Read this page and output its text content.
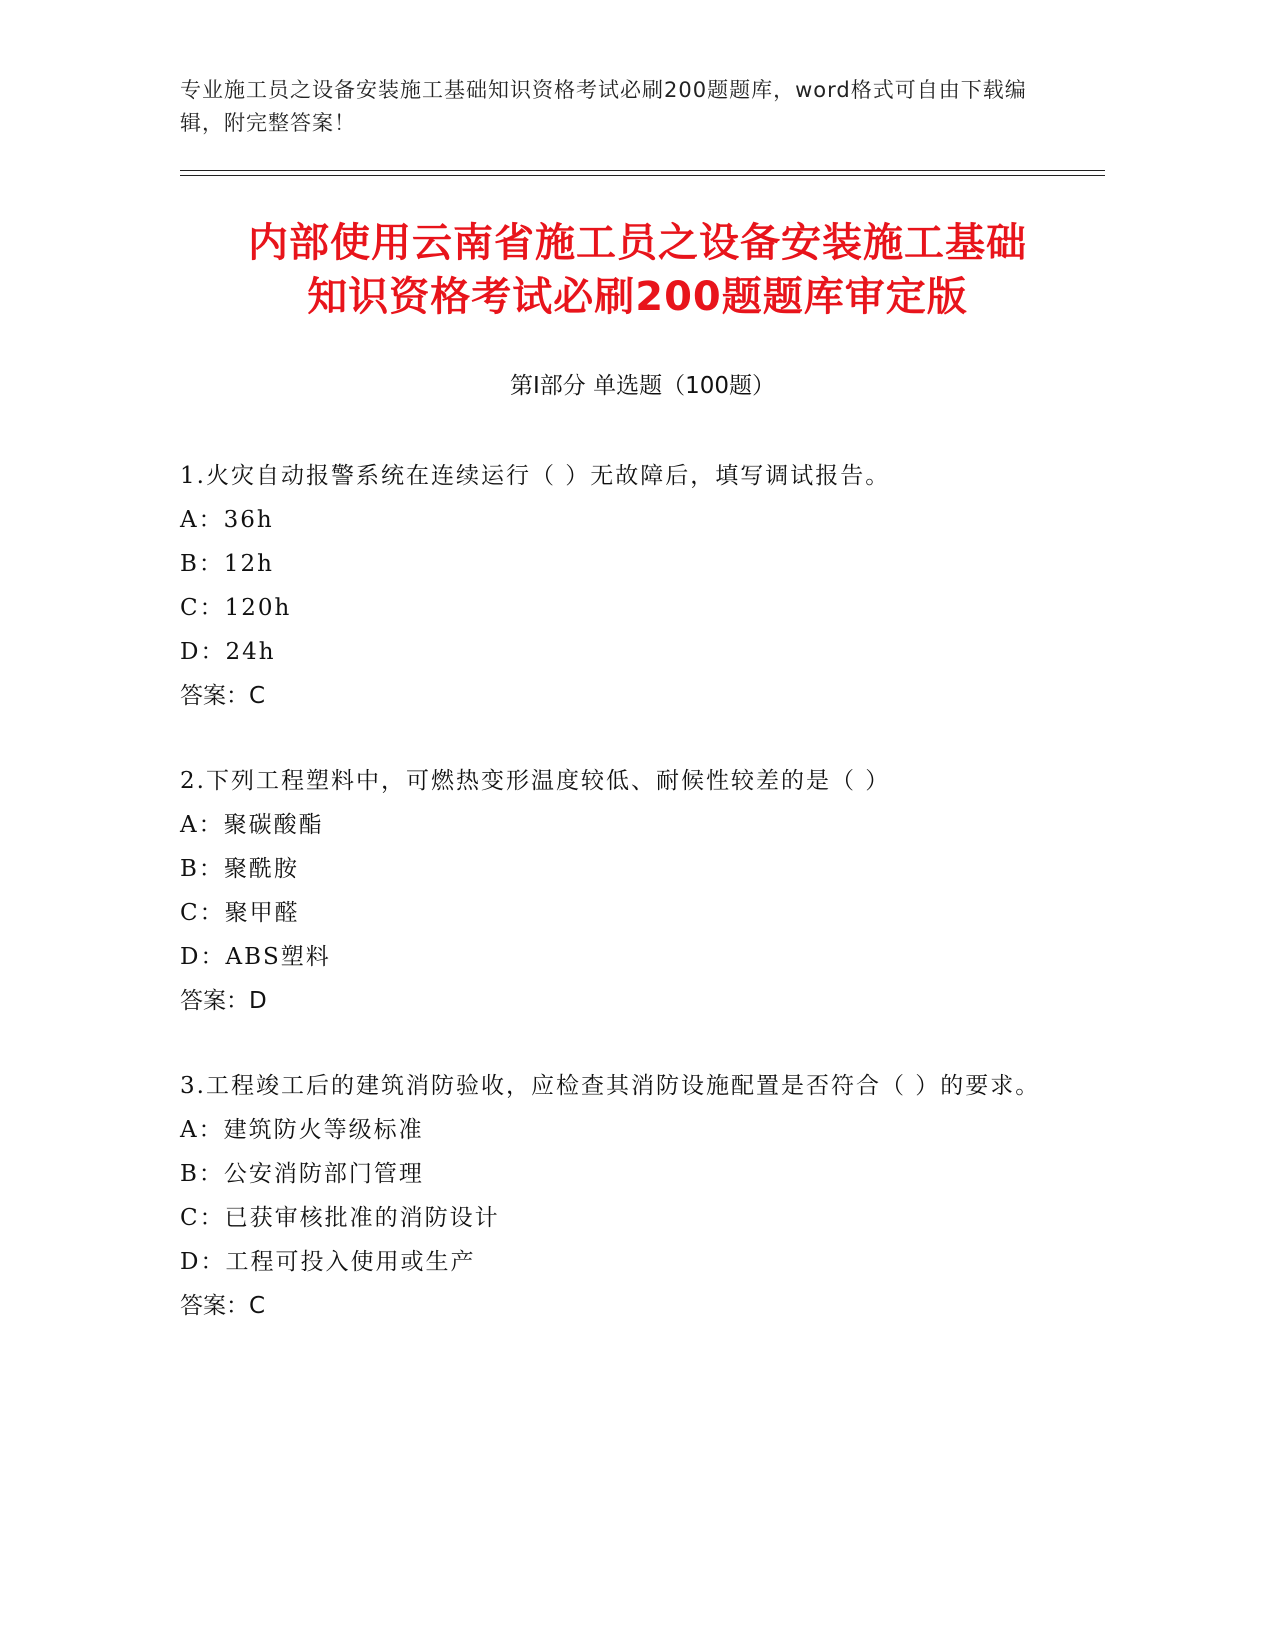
专业施工员之设备安装施工基础知识资格考试必刷200题题库，word格式可自由下载编辑，附完整答案！
内部使用云南省施工员之设备安装施工基础
知识资格考试必刷200题题库审定版
第Ⅰ部分 单选题（100题）
1.火灾自动报警系统在连续运行（ ）无故障后，填写调试报告。
A：36h
B：12h
C：120h
D：24h
答案：C
2.下列工程塑料中，可燃热变形温度较低、耐候性较差的是（ ）
A：聚碳酸酯
B：聚酰胺
C：聚甲醛
D：ABS塑料
答案：D
3.工程竣工后的建筑消防验收，应检查其消防设施配置是否符合（ ）的要求。
A：建筑防火等级标准
B：公安消防部门管理
C：已获审核批准的消防设计
D：工程可投入使用或生产
答案：C
